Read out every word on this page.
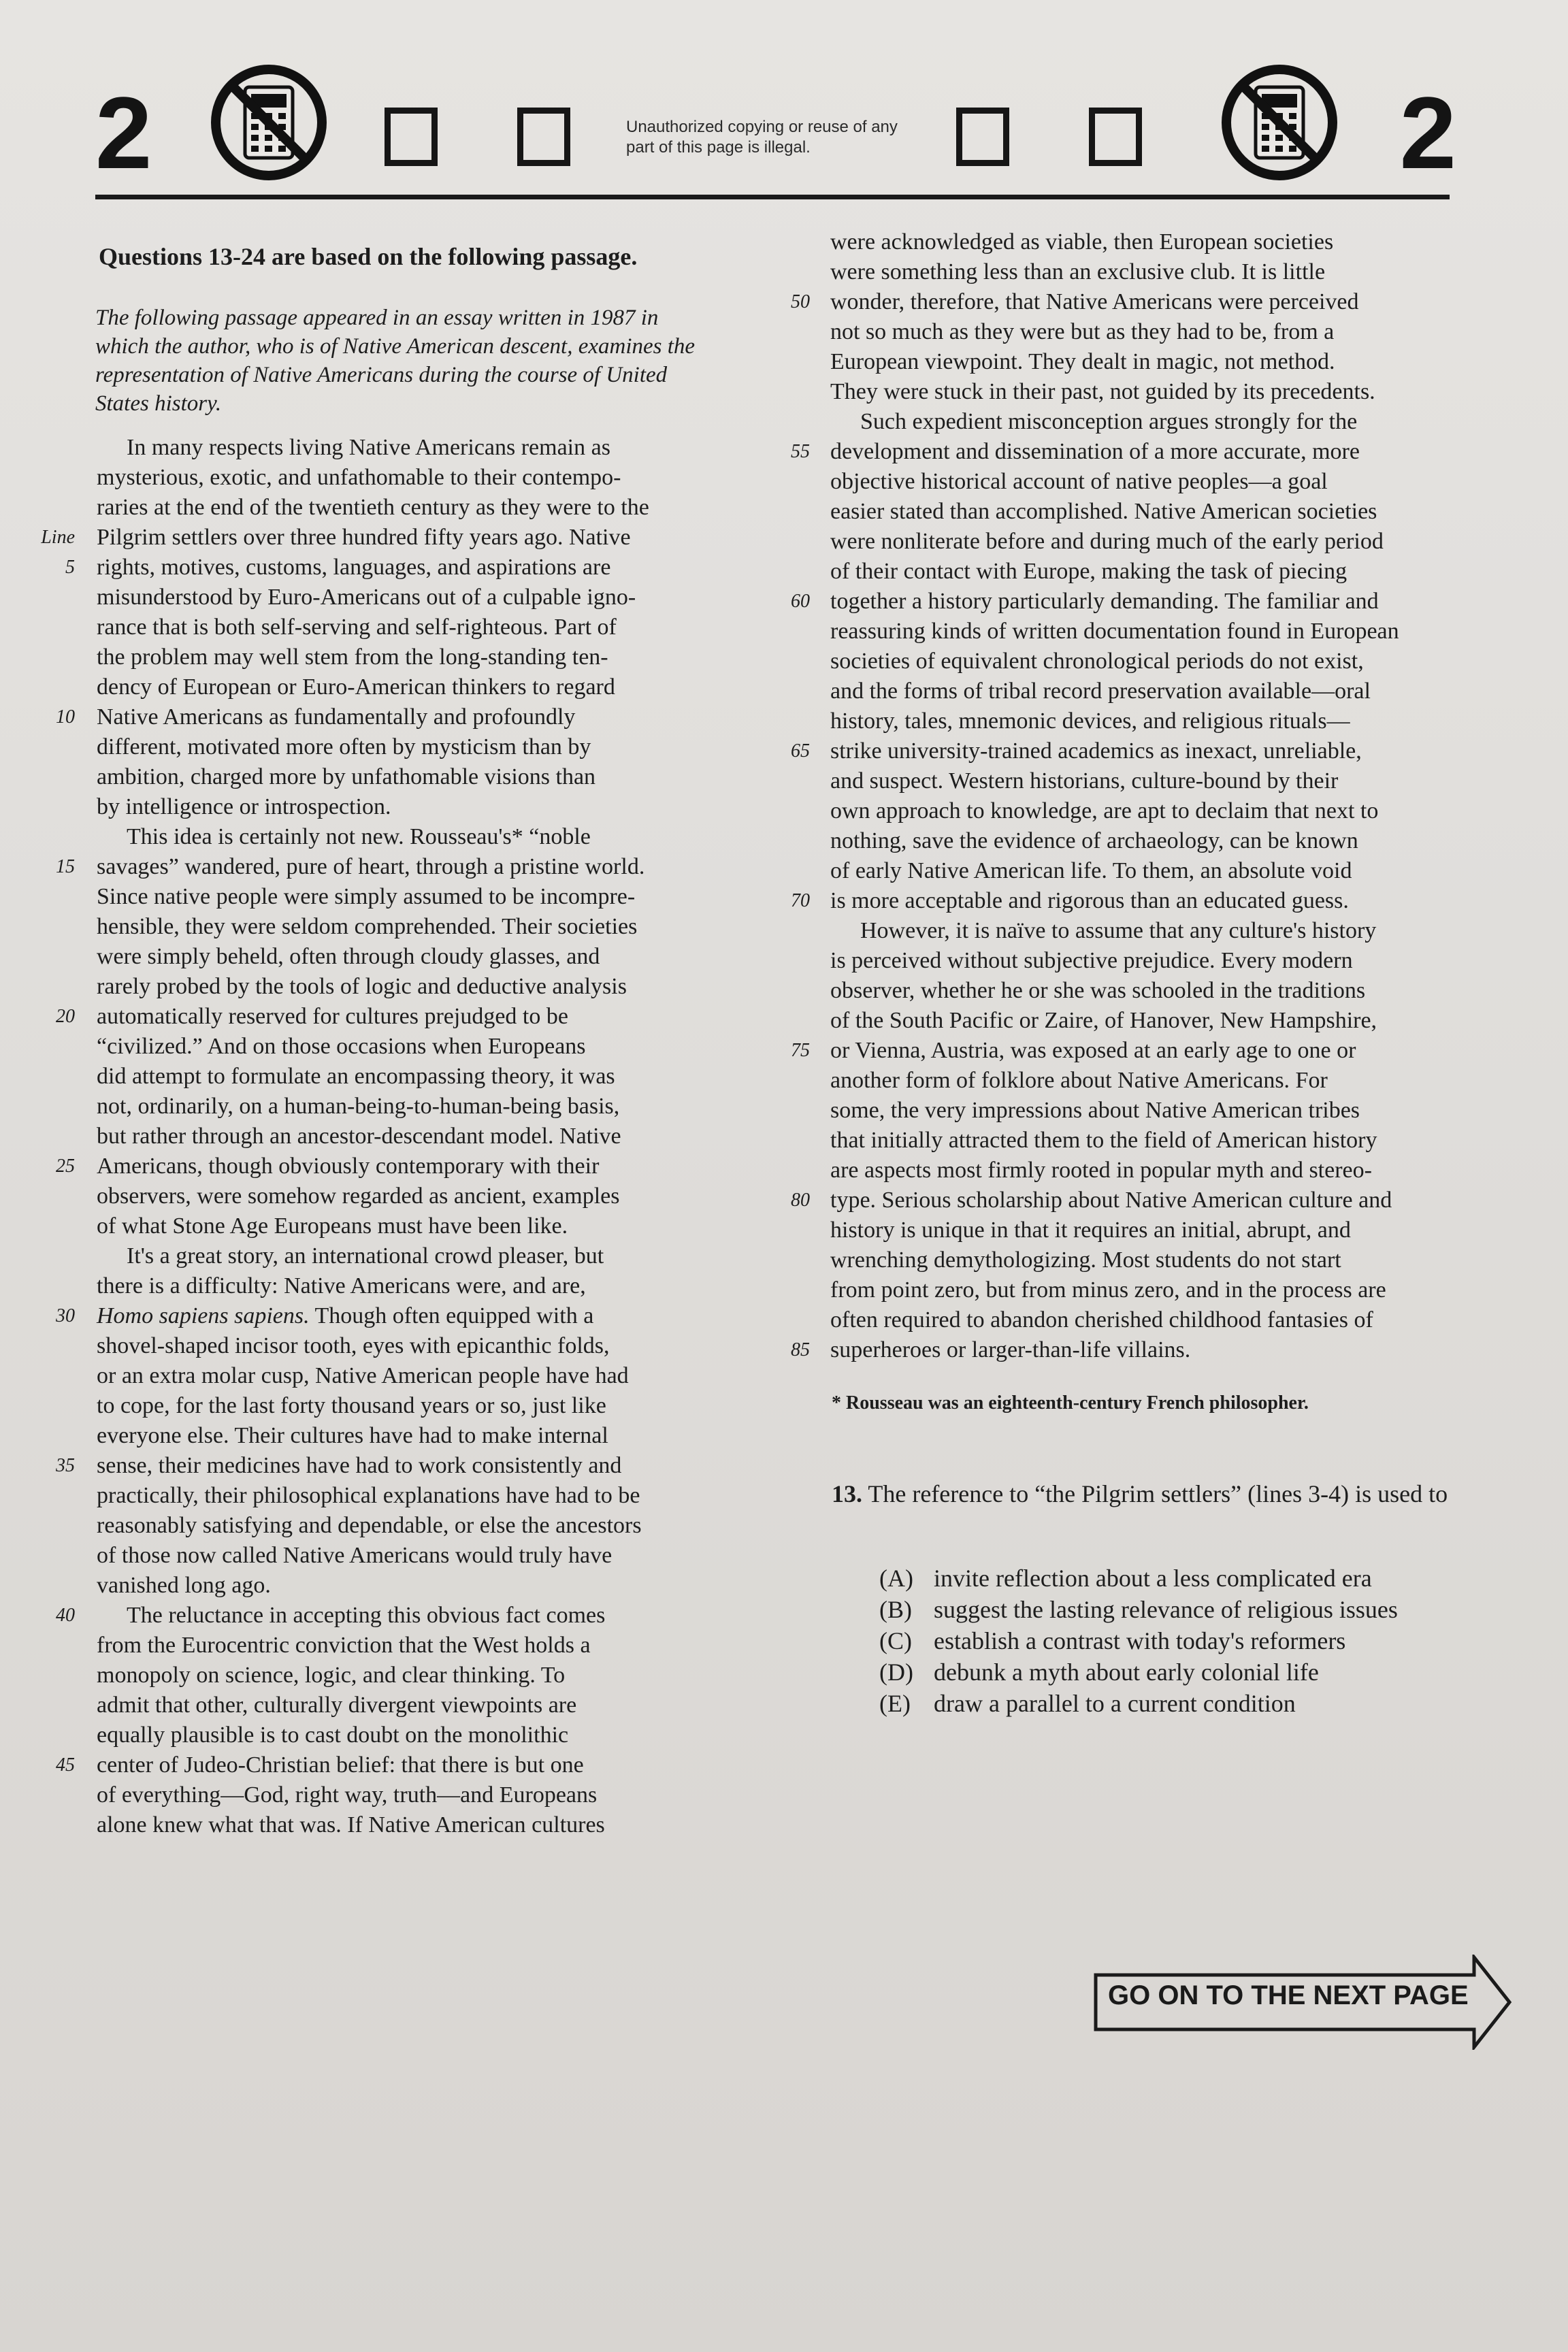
2	Unauthorized copying or reuse of any part of this page is illegal.	2
Questions 13-24 are based on the following passage.
The following passage appeared in an essay written in 1987 in which the author, who is of Native American descent, examines the representation of Native Americans during the course of United States history.
In many respects living Native Americans remain as
mysterious, exotic, and unfathomable to their contempo-
raries at the end of the twentieth century as they were to the
Pilgrim settlers over three hundred fifty years ago. Native
rights, motives, customs, languages, and aspirations are
misunderstood by Euro-Americans out of a culpable igno-
rance that is both self-serving and self-righteous. Part of
the problem may well stem from the long-standing ten-
dency of European or Euro-American thinkers to regard
Native Americans as fundamentally and profoundly
different, motivated more often by mysticism than by
ambition, charged more by unfathomable visions than
by intelligence or introspection.
This idea is certainly not new. Rousseau's* “noble
savages” wandered, pure of heart, through a pristine world.
Since native people were simply assumed to be incompre-
hensible, they were seldom comprehended. Their societies
were simply beheld, often through cloudy glasses, and
rarely probed by the tools of logic and deductive analysis
automatically reserved for cultures prejudged to be
“civilized.” And on those occasions when Europeans
did attempt to formulate an encompassing theory, it was
not, ordinarily, on a human-being-to-human-being basis,
but rather through an ancestor-descendant model. Native
Americans, though obviously contemporary with their
observers, were somehow regarded as ancient, examples
of what Stone Age Europeans must have been like.
It's a great story, an international crowd pleaser, but
there is a difficulty: Native Americans were, and are,
Homo sapiens sapiens. Though often equipped with a
shovel-shaped incisor tooth, eyes with epicanthic folds,
or an extra molar cusp, Native American people have had
to cope, for the last forty thousand years or so, just like
everyone else. Their cultures have had to make internal
sense, their medicines have had to work consistently and
practically, their philosophical explanations have had to be
reasonably satisfying and dependable, or else the ancestors
of those now called Native Americans would truly have
vanished long ago.
The reluctance in accepting this obvious fact comes
from the Eurocentric conviction that the West holds a
monopoly on science, logic, and clear thinking. To
admit that other, culturally divergent viewpoints are
equally plausible is to cast doubt on the monolithic
center of Judeo-Christian belief: that there is but one
of everything—God, right way, truth—and Europeans
alone knew what that was. If Native American cultures
Line
5
10
15
20
25
30
35
40
45
were acknowledged as viable, then European societies
were something less than an exclusive club. It is little
wonder, therefore, that Native Americans were perceived
not so much as they were but as they had to be, from a
European viewpoint. They dealt in magic, not method.
They were stuck in their past, not guided by its precedents.
Such expedient misconception argues strongly for the
development and dissemination of a more accurate, more
objective historical account of native peoples—a goal
easier stated than accomplished. Native American societies
were nonliterate before and during much of the early period
of their contact with Europe, making the task of piecing
together a history particularly demanding. The familiar and
reassuring kinds of written documentation found in European
societies of equivalent chronological periods do not exist,
and the forms of tribal record preservation available—oral
history, tales, mnemonic devices, and religious rituals—
strike university-trained academics as inexact, unreliable,
and suspect. Western historians, culture-bound by their
own approach to knowledge, are apt to declaim that next to
nothing, save the evidence of archaeology, can be known
of early Native American life. To them, an absolute void
is more acceptable and rigorous than an educated guess.
However, it is naïve to assume that any culture's history
is perceived without subjective prejudice. Every modern
observer, whether he or she was schooled in the traditions
of the South Pacific or Zaire, of Hanover, New Hampshire,
or Vienna, Austria, was exposed at an early age to one or
another form of folklore about Native Americans. For
some, the very impressions about Native American tribes
that initially attracted them to the field of American history
are aspects most firmly rooted in popular myth and stereo-
type. Serious scholarship about Native American culture and
history is unique in that it requires an initial, abrupt, and
wrenching demythologizing. Most students do not start
from point zero, but from minus zero, and in the process are
often required to abandon cherished childhood fantasies of
superheroes or larger-than-life villains.
50
55
60
65
70
75
80
85
* Rousseau was an eighteenth-century French philosopher.
13. The reference to “the Pilgrim settlers” (lines 3-4) is used to
(A) invite reflection about a less complicated era
(B) suggest the lasting relevance of religious issues
(C) establish a contrast with today's reformers
(D) debunk a myth about early colonial life
(E) draw a parallel to a current condition
GO ON TO THE NEXT PAGE
